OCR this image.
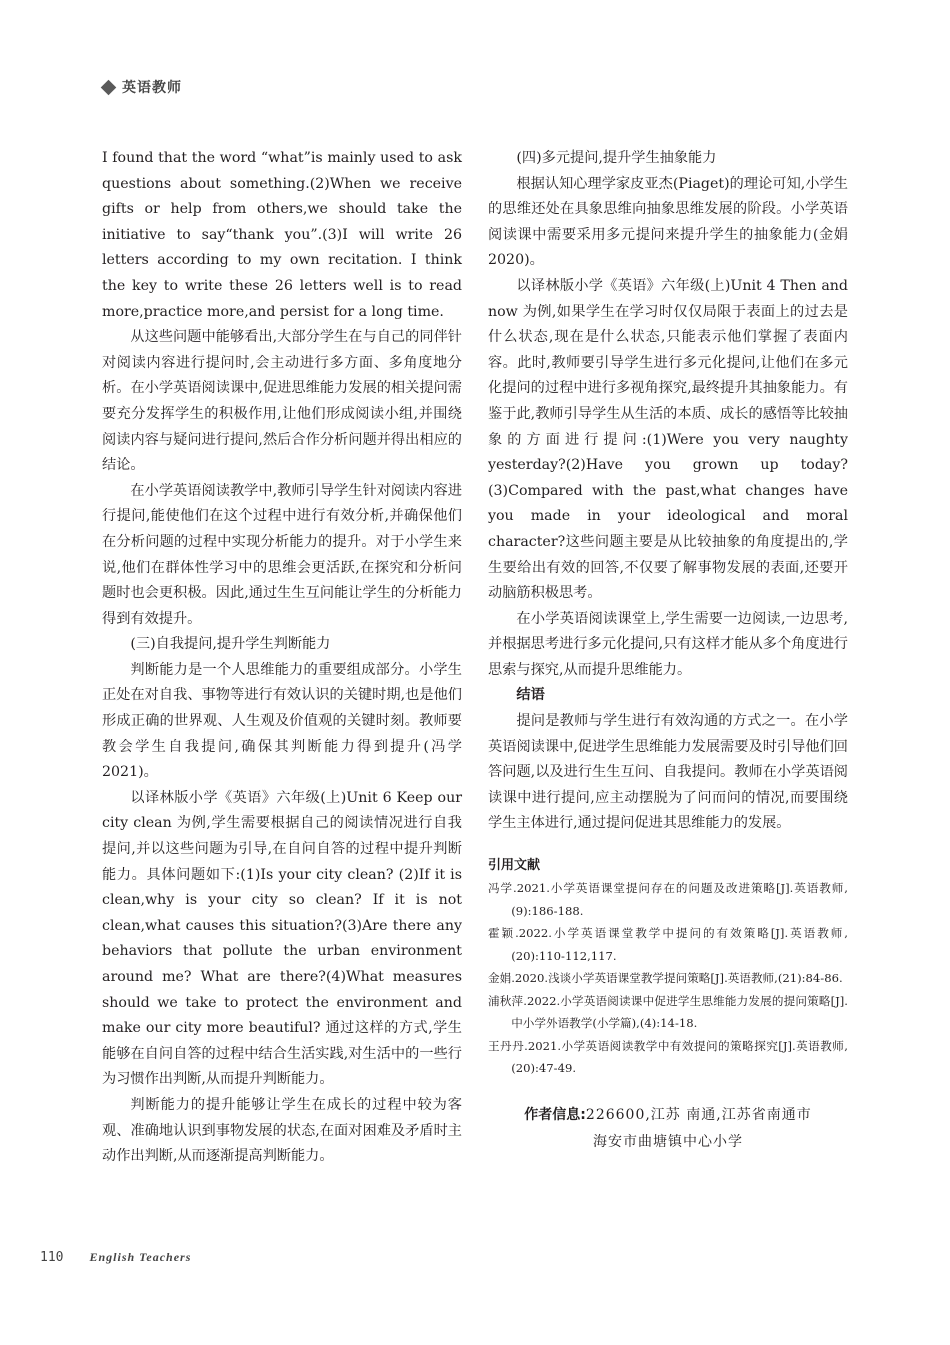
英语教师

I found that the word “what”is mainly used to ask questions about something.(2)When we receive gifts or help from others,we should take the initiative to say“thank you”.(3)I will write 26 letters according to my own recitation. I think the key to write these 26 letters well is to read more,practice more,and persist for a long time.

从这些问题中能够看出,大部分学生在与自己的同伴针对阅读内容进行提问时,会主动进行多方面、多角度地分析。在小学英语阅读课中,促进思维能力发展的相关提问需要充分发挥学生的积极作用,让他们形成阅读小组,并围绕阅读内容与疑问进行提问,然后合作分析问题并得出相应的结论。

在小学英语阅读教学中,教师引导学生针对阅读内容进行提问,能使他们在这个过程中进行有效分析,并确保他们在分析问题的过程中实现分析能力的提升。对于小学生来说,他们在群体性学习中的思维会更活跃,在探究和分析问题时也会更积极。因此,通过生生互问能让学生的分析能力得到有效提升。

(三)自我提问,提升学生判断能力

判断能力是一个人思维能力的重要组成部分。小学生正处在对自我、事物等进行有效认识的关键时期,也是他们形成正确的世界观、人生观及价值观的关键时刻。教师要教会学生自我提问,确保其判断能力得到提升(冯学 2021)。

以译林版小学《英语》六年级(上)Unit 6 Keep our city clean 为例,学生需要根据自己的阅读情况进行自我提问,并以这些问题为引导,在自问自答的过程中提升判断能力。具体问题如下:(1)Is your city clean? (2)If it is clean,why is your city so clean? If it is not clean,what causes this situation?(3)Are there any behaviors that pollute the urban environment around me? What are there?(4)What measures should we take to protect the environment and make our city more beautiful? 通过这样的方式,学生能够在自问自答的过程中结合生活实践,对生活中的一些行为习惯作出判断,从而提升判断能力。

判断能力的提升能够让学生在成长的过程中较为客观、准确地认识到事物发展的状态,在面对困难及矛盾时主动作出判断,从而逐渐提高判断能力。

(四)多元提问,提升学生抽象能力

根据认知心理学家皮亚杰(Piaget)的理论可知,小学生的思维还处在具象思维向抽象思维发展的阶段。小学英语阅读课中需要采用多元提问来提升学生的抽象能力(金娟 2020)。

以译林版小学《英语》六年级(上)Unit 4 Then and now 为例,如果学生在学习时仅仅局限于表面上的过去是什么状态,现在是什么状态,只能表示他们掌握了表面内容。此时,教师要引导学生进行多元化提问,让他们在多元化提问的过程中进行多视角探究,最终提升其抽象能力。有鉴于此,教师引导学生从生活的本质、成长的感悟等比较抽象的方面进行提问:(1)Were you very naughty yesterday?(2)Have you grown up today?(3)Compared with the past,what changes have you made in your ideological and moral character?这些问题主要是从比较抽象的角度提出的,学生要给出有效的回答,不仅要了解事物发展的表面,还要开动脑筋积极思考。

在小学英语阅读课堂上,学生需要一边阅读,一边思考,并根据思考进行多元化提问,只有这样才能从多个角度进行思索与探究,从而提升思维能力。

结语

提问是教师与学生进行有效沟通的方式之一。在小学英语阅读课中,促进学生思维能力发展需要及时引导他们回答问题,以及进行生生互问、自我提问。教师在小学英语阅读课中进行提问,应主动摆脱为了问而问的情况,而要围绕学生主体进行,通过提问促进其思维能力的发展。

引用文献
冯学.2021.小学英语课堂提问存在的问题及改进策略[J].英语教师,(9):186-188.
霍颖.2022.小学英语课堂教学中提问的有效策略[J].英语教师,(20):110-112,117.
金娟.2020.浅谈小学英语课堂教学提问策略[J].英语教师,(21):84-86.
浦秋萍.2022.小学英语阅读课中促进学生思维能力发展的提问策略[J].中小学外语教学(小学篇),(4):14-18.
王丹丹.2021.小学英语阅读教学中有效提问的策略探究[J].英语教师,(20):47-49.
作者信息:226600,江苏 南通,江苏省南通市
海安市曲塘镇中心小学
110 English Teachers
